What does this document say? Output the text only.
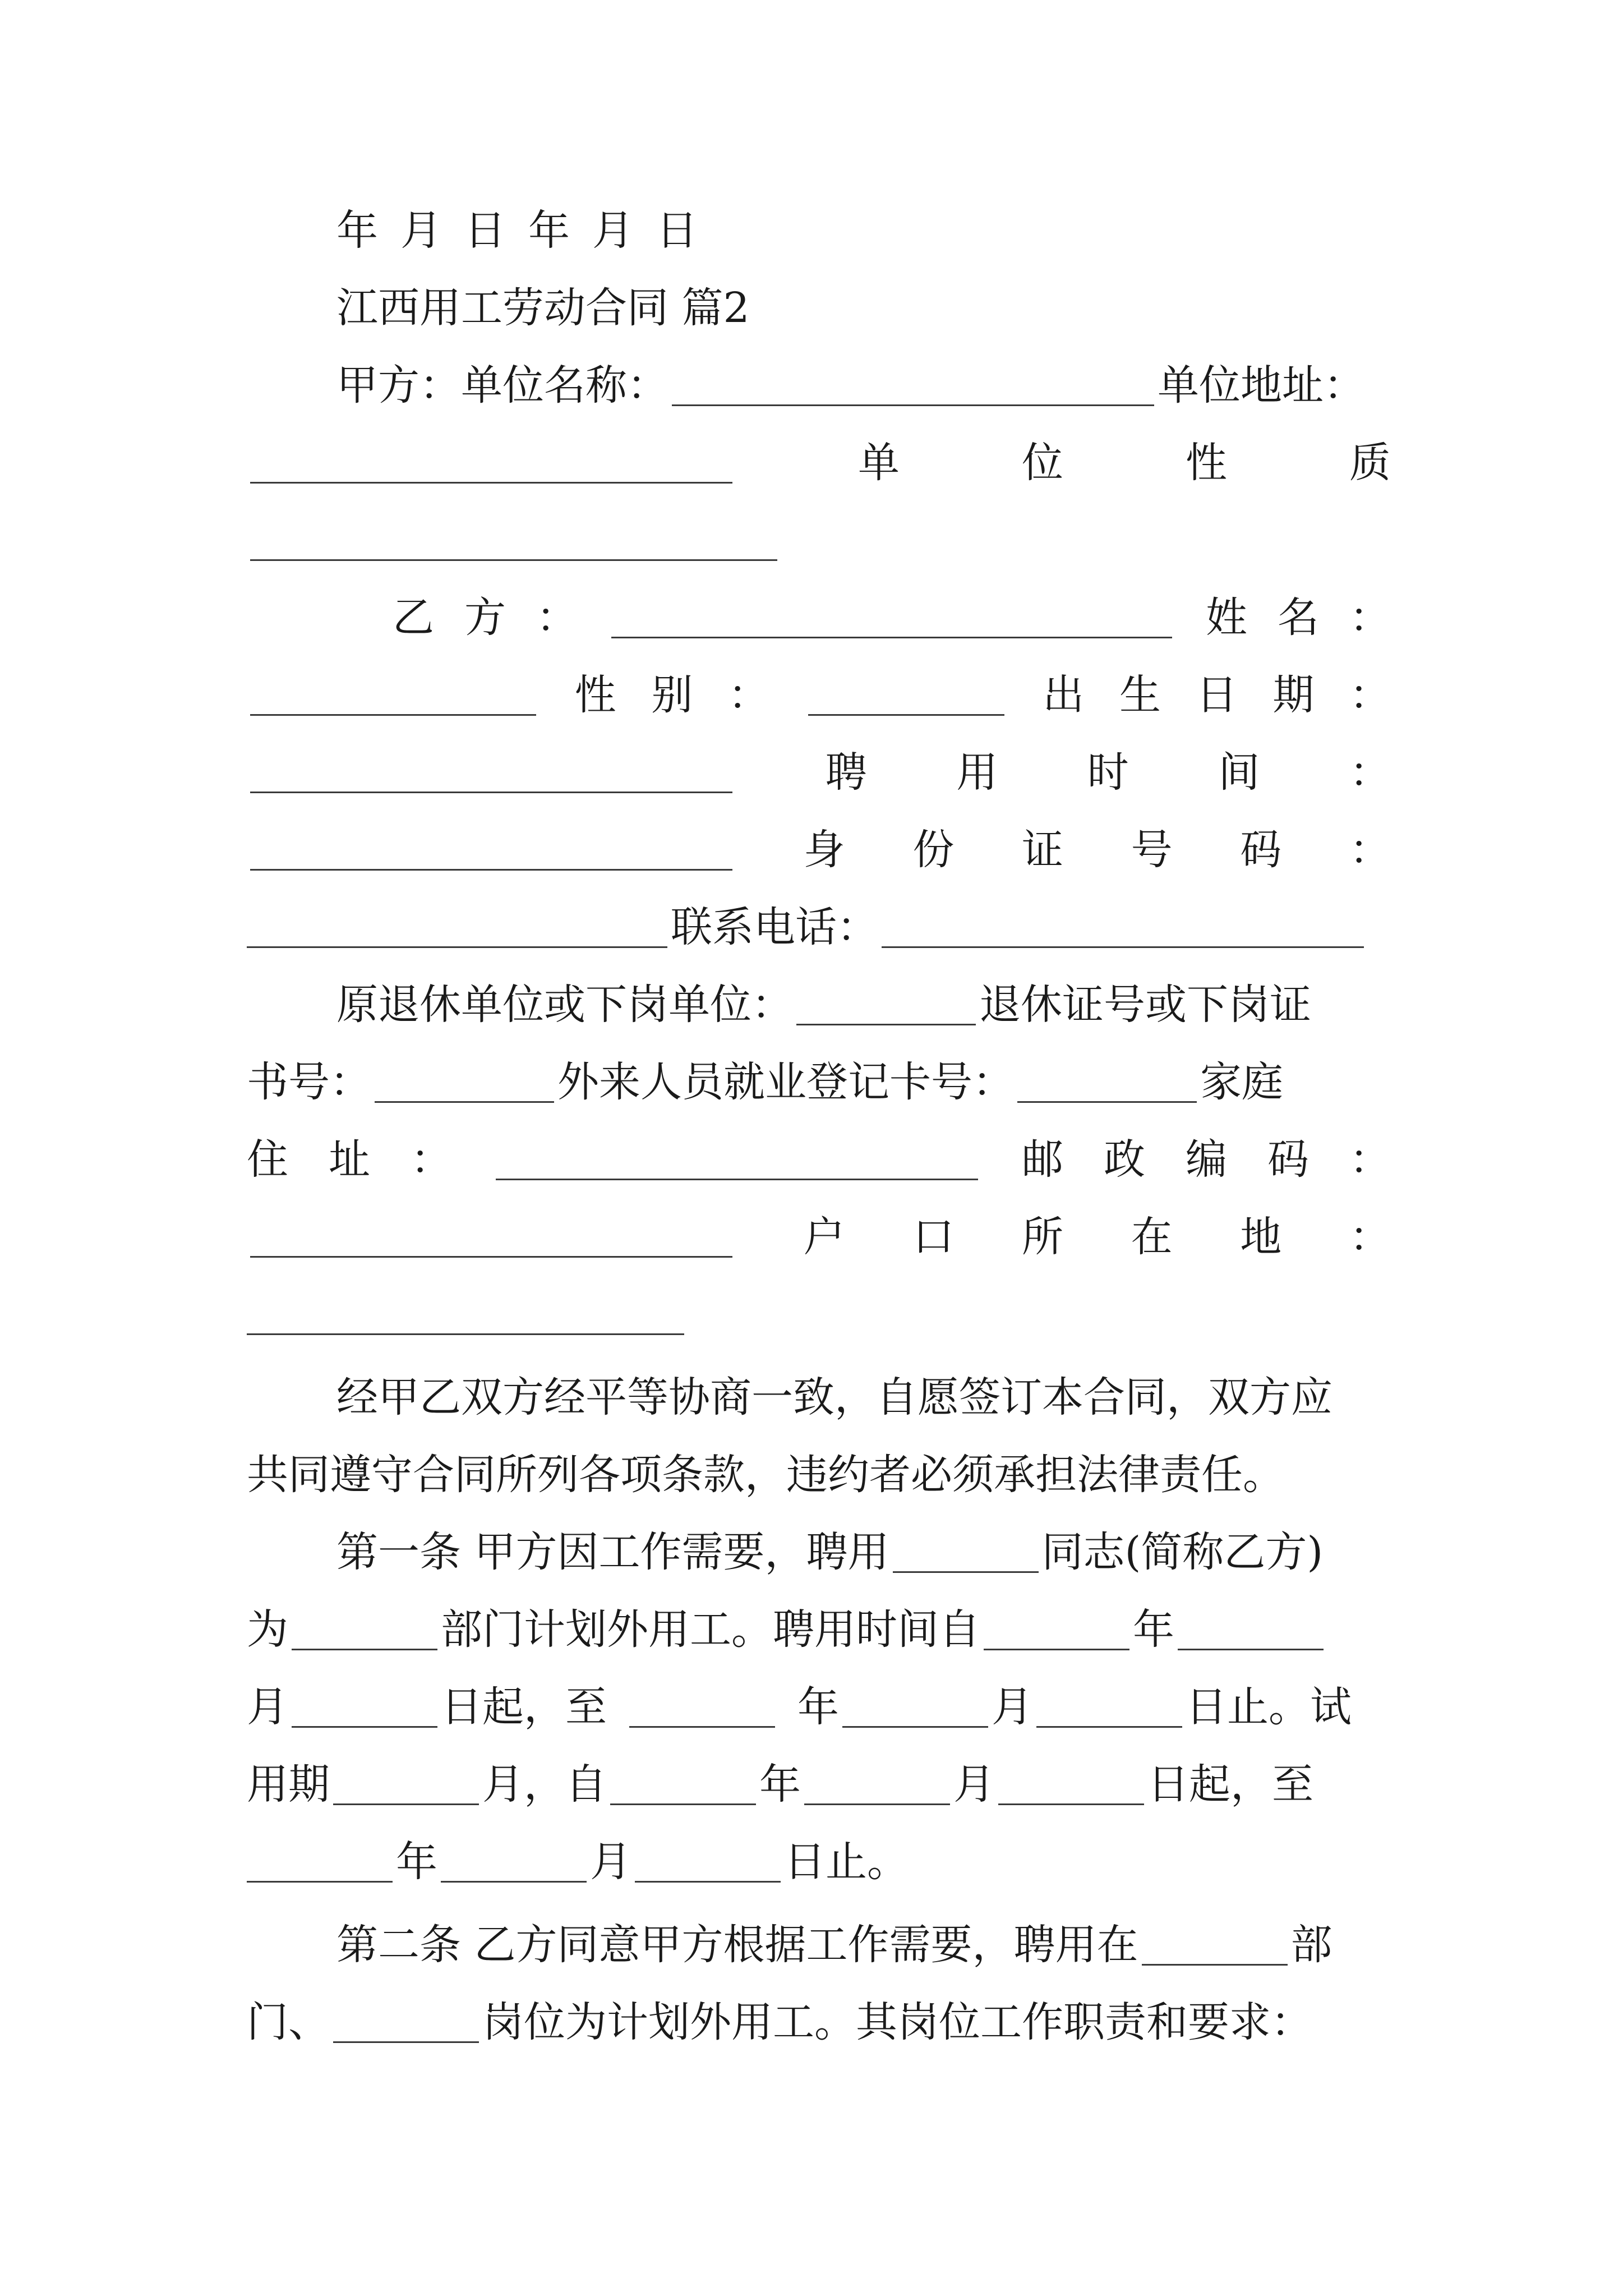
年 月 日 年 月 日
江西用工劳动合同 篇2
甲方：单位名称：	单位地址：
单	位	性	质
乙 方 ：	姓 名 ：
性 别 ：	出 生 日 期 ：
聘 用 时 间 ：
身 份 证 号 码 ：
联系电话：
原退休单位或下岗单位：	退休证号或下岗证
书号：	外来人员就业登记卡号：	家庭
住 址 ：	邮 政 编 码 ：
户 口 所 在 地 ：
经甲乙双方经平等协商一致，自愿签订本合同，双方应
共同遵守合同所列各项条款，违约者必须承担法律责任。
第一条 甲方因工作需要，聘用	同志(简称乙方)
为	部门计划外用工。聘用时间自	年
月	日起，至	年	月	日止。试
用期	月，自	年	月	日起，至
年	月	日止。
第二条 乙方同意甲方根据工作需要，聘用在	部
门、	岗位为计划外用工。其岗位工作职责和要求：
